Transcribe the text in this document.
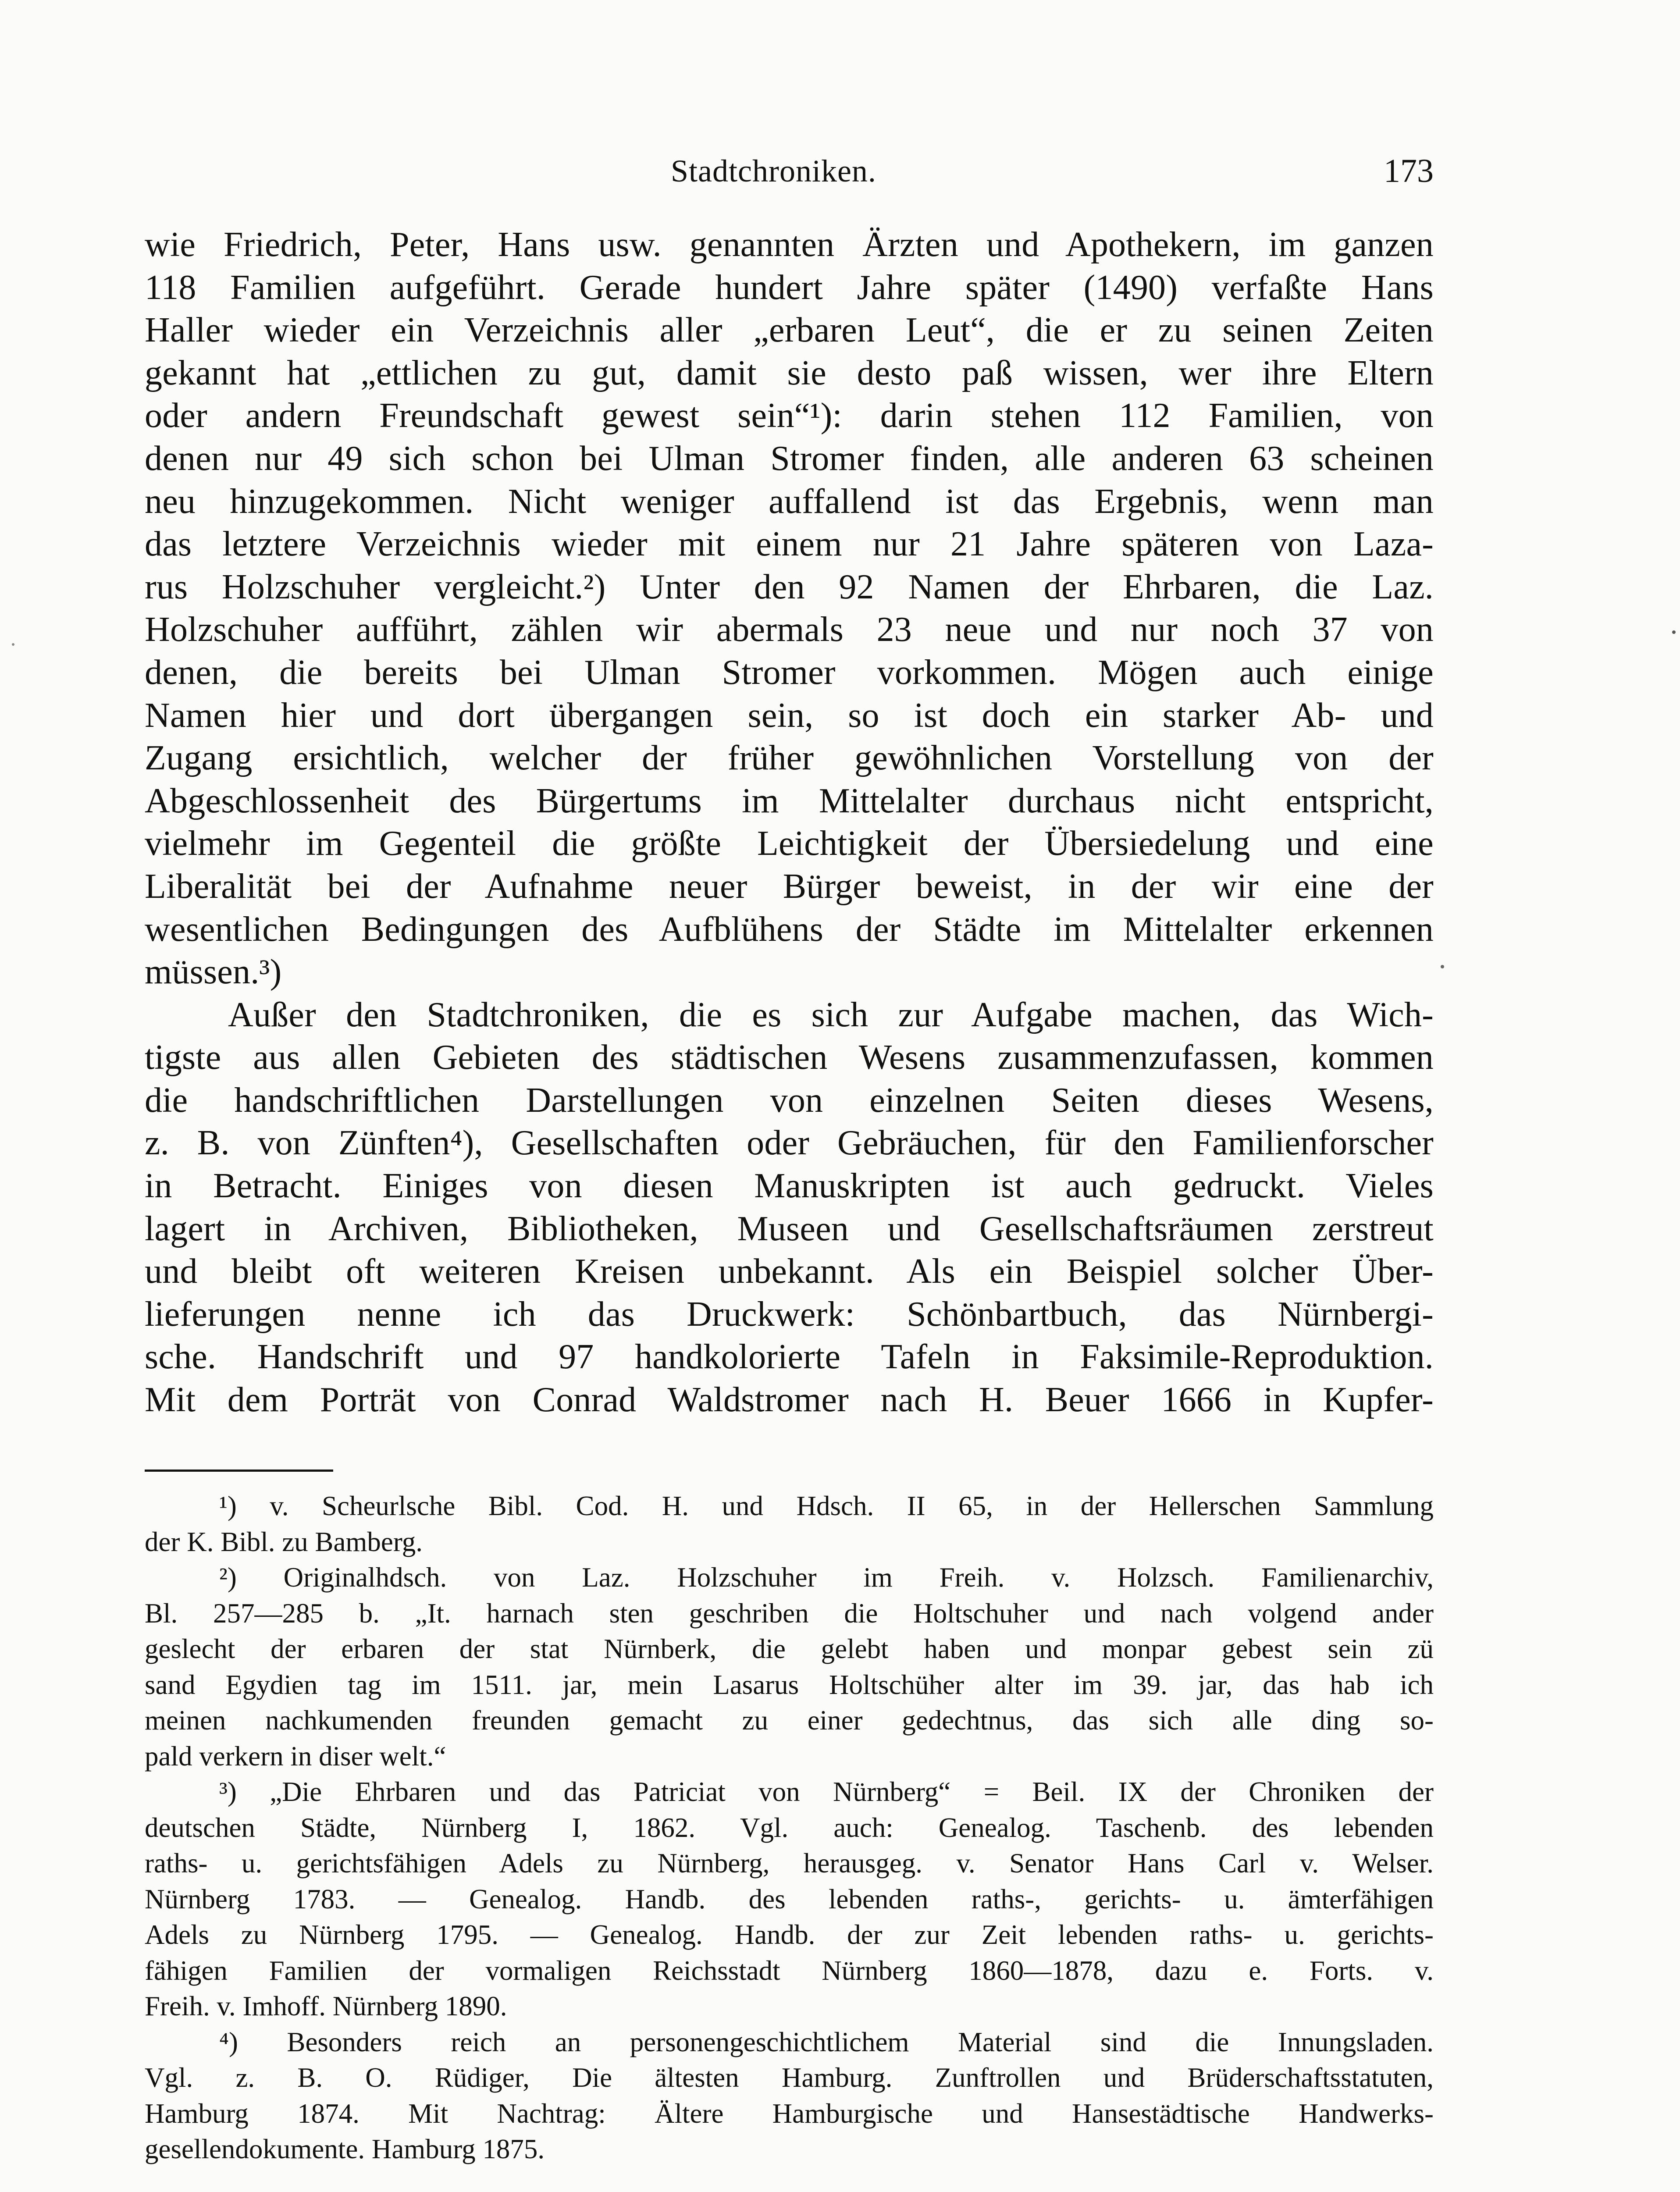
Stadtchroniken.	173
wie Friedrich, Peter, Hans usw. genannten Ärzten und Apothekern, im ganzen
118 Familien aufgeführt. Gerade hundert Jahre später (1490) verfaßte Hans
Haller wieder ein Verzeichnis aller „erbaren Leut“, die er zu seinen Zeiten
gekannt hat „ettlichen zu gut, damit sie desto paß wissen, wer ihre Eltern
oder andern Freundschaft gewest sein“¹): darin stehen 112 Familien, von
denen nur 49 sich schon bei Ulman Stromer finden, alle anderen 63 scheinen
neu hinzugekommen. Nicht weniger auffallend ist das Ergebnis, wenn man
das letztere Verzeichnis wieder mit einem nur 21 Jahre späteren von Laza-
rus Holzschuher vergleicht.²) Unter den 92 Namen der Ehrbaren, die Laz.
Holzschuher aufführt, zählen wir abermals 23 neue und nur noch 37 von
denen, die bereits bei Ulman Stromer vorkommen. Mögen auch einige
Namen hier und dort übergangen sein, so ist doch ein starker Ab- und
Zugang ersichtlich, welcher der früher gewöhnlichen Vorstellung von der
Abgeschlossenheit des Bürgertums im Mittelalter durchaus nicht entspricht,
vielmehr im Gegenteil die größte Leichtigkeit der Übersiedelung und eine
Liberalität bei der Aufnahme neuer Bürger beweist, in der wir eine der
wesentlichen Bedingungen des Aufblühens der Städte im Mittelalter erkennen
müssen.³)
Außer den Stadtchroniken, die es sich zur Aufgabe machen, das Wich-
tigste aus allen Gebieten des städtischen Wesens zusammenzufassen, kommen
die handschriftlichen Darstellungen von einzelnen Seiten dieses Wesens,
z. B. von Zünften⁴), Gesellschaften oder Gebräuchen, für den Familienforscher
in Betracht. Einiges von diesen Manuskripten ist auch gedruckt. Vieles
lagert in Archiven, Bibliotheken, Museen und Gesellschaftsräumen zerstreut
und bleibt oft weiteren Kreisen unbekannt. Als ein Beispiel solcher Über-
lieferungen nenne ich das Druckwerk: Schönbartbuch, das Nürnbergi-
sche. Handschrift und 97 handkolorierte Tafeln in Faksimile-Reproduktion.
Mit dem Porträt von Conrad Waldstromer nach H. Beuer 1666 in Kupfer-
¹) v. Scheurlsche Bibl. Cod. H. und Hdsch. II 65, in der Hellerschen Sammlung
der K. Bibl. zu Bamberg.
²) Originalhdsch. von Laz. Holzschuher im Freih. v. Holzsch. Familienarchiv,
Bl. 257—285 b. „It. harnach sten geschriben die Holtschuher und nach volgend ander
geslecht der erbaren der stat Nürnberk, die gelebt haben und monpar gebest sein zü
sand Egydien tag im 1511. jar, mein Lasarus Holtschüher alter im 39. jar, das hab ich
meinen nachkumenden freunden gemacht zu einer gedechtnus, das sich alle ding so-
pald verkern in diser welt.“
³) „Die Ehrbaren und das Patriciat von Nürnberg“ = Beil. IX der Chroniken der
deutschen Städte, Nürnberg I, 1862. Vgl. auch: Genealog. Taschenb. des lebenden
raths- u. gerichtsfähigen Adels zu Nürnberg, herausgeg. v. Senator Hans Carl v. Welser.
Nürnberg 1783. — Genealog. Handb. des lebenden raths-, gerichts- u. ämterfähigen
Adels zu Nürnberg 1795. — Genealog. Handb. der zur Zeit lebenden raths- u. gerichts-
fähigen Familien der vormaligen Reichsstadt Nürnberg 1860—1878, dazu e. Forts. v.
Freih. v. Imhoff. Nürnberg 1890.
⁴) Besonders reich an personengeschichtlichem Material sind die Innungsladen.
Vgl. z. B. O. Rüdiger, Die ältesten Hamburg. Zunftrollen und Brüderschaftsstatuten,
Hamburg 1874. Mit Nachtrag: Ältere Hamburgische und Hansestädtische Handwerks-
gesellendokumente. Hamburg 1875.
